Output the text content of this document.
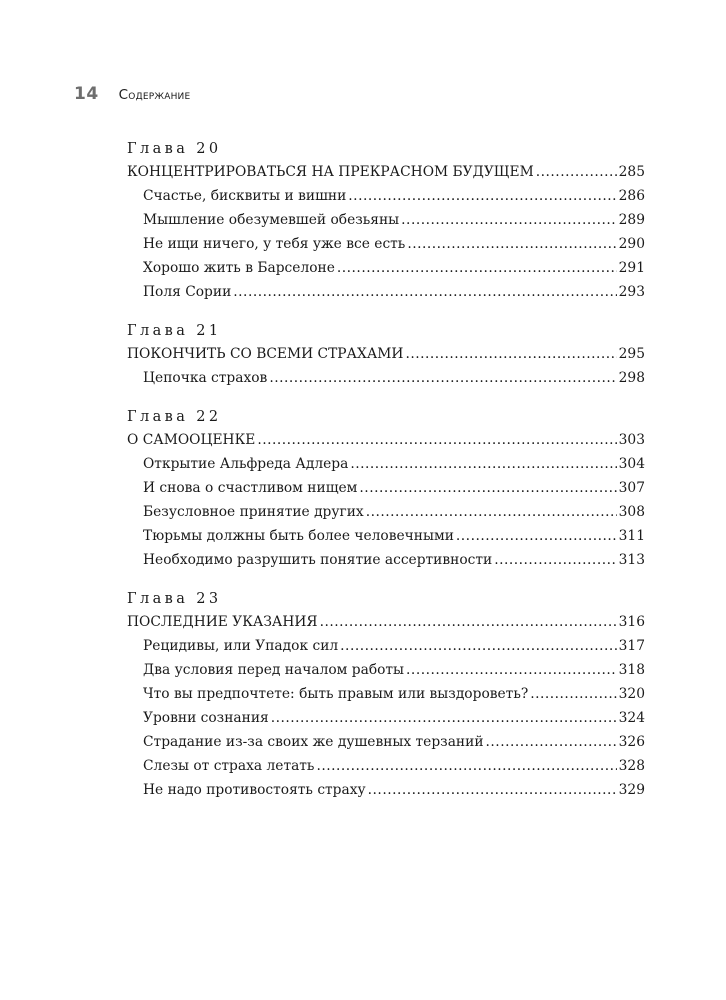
14 Содержание
Глава 20
КОНЦЕНТРИРОВАТЬСЯ НА ПРЕКРАСНОМ БУДУЩЕМ .....	285
Счастье, бисквиты и вишни .....	286
Мышление обезумевшей обезьяны .....	289
Не ищи ничего, у тебя уже все есть .....	290
Хорошо жить в Барселоне .....	291
Поля Сории .....	293
Глава 21
ПОКОНЧИТЬ СО ВСЕМИ СТРАХАМИ .....	295
Цепочка страхов .....	298
Глава 22
О САМООЦЕНКЕ .....	303
Открытие Альфреда Адлера .....	304
И снова о счастливом нищем .....	307
Безусловное принятие других .....	308
Тюрьмы должны быть более человечными .....	311
Необходимо разрушить понятие ассертивности .....	313
Глава 23
ПОСЛЕДНИЕ УКАЗАНИЯ .....	316
Рецидивы, или Упадок сил .....	317
Два условия перед началом работы .....	318
Что вы предпочтете: быть правым или выздороветь? .....	320
Уровни сознания .....	324
Страдание из-за своих же душевных терзаний .....	326
Слезы от страха летать .....	328
Не надо противостоять страху .....	329
